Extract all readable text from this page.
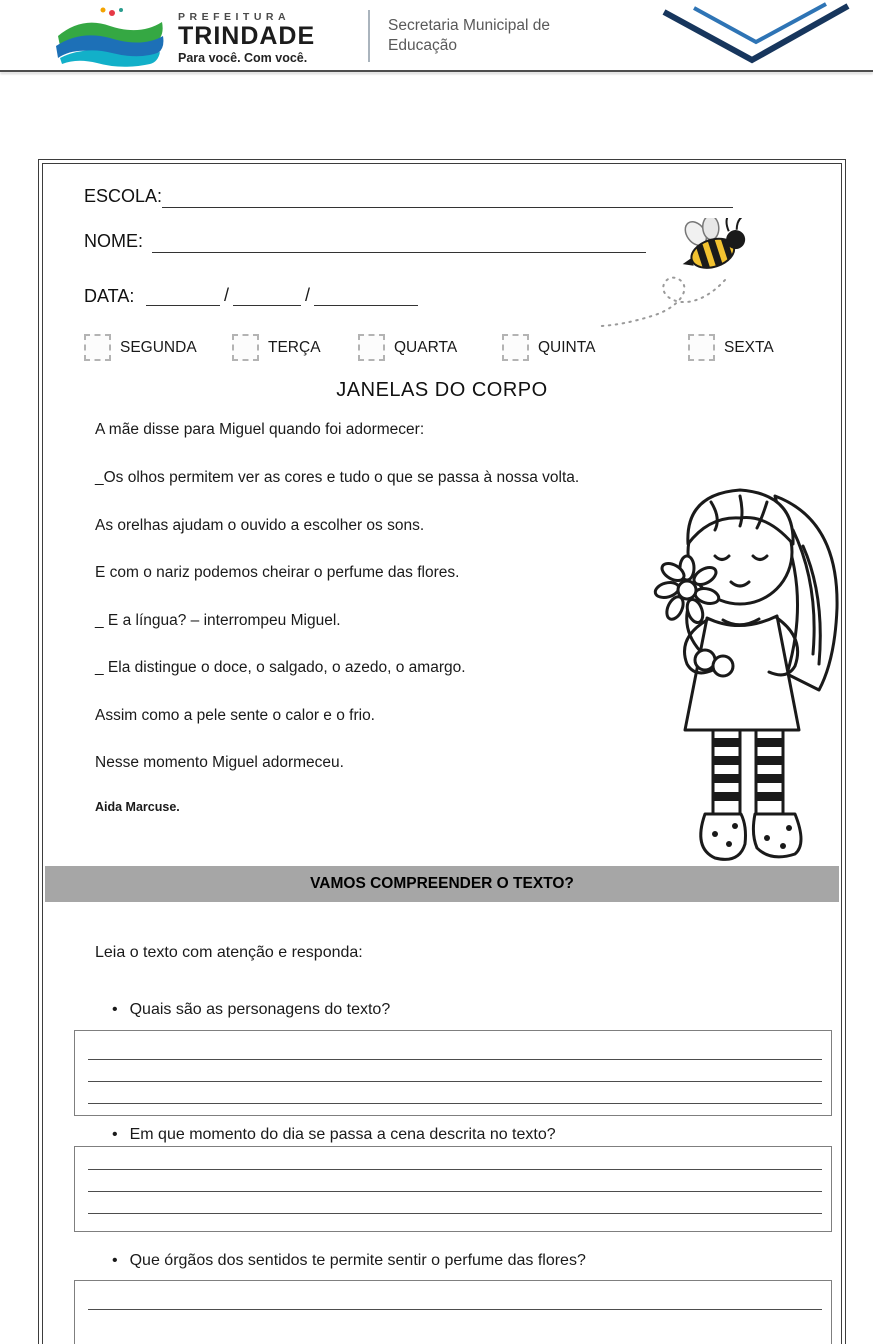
PREFEITURA
TRINDADE
Para você. Com você.
Secretaria Municipal de
Educação
ESCOLA:
NOME:
DATA:	/	/
SEGUNDA	TERÇA	QUARTA	QUINTA	SEXTA
JANELAS DO CORPO
A mãe disse para Miguel quando foi adormecer:
_Os olhos permitem ver as cores e tudo o que se passa à nossa volta.
As orelhas ajudam o ouvido a escolher os sons.
E com o nariz podemos cheirar o perfume das flores.
_ E a língua? – interrompeu Miguel.
_ Ela distingue o doce, o salgado, o azedo, o amargo.
Assim como a pele sente o calor e o frio.
Nesse momento Miguel adormeceu.
Aida Marcuse.
VAMOS COMPREENDER O TEXTO?
Leia o texto com atenção e responda:
• Quais são as personagens do texto?
• Em que momento do dia se passa a cena descrita no texto?
• Que órgãos dos sentidos te permite sentir o perfume das flores?
